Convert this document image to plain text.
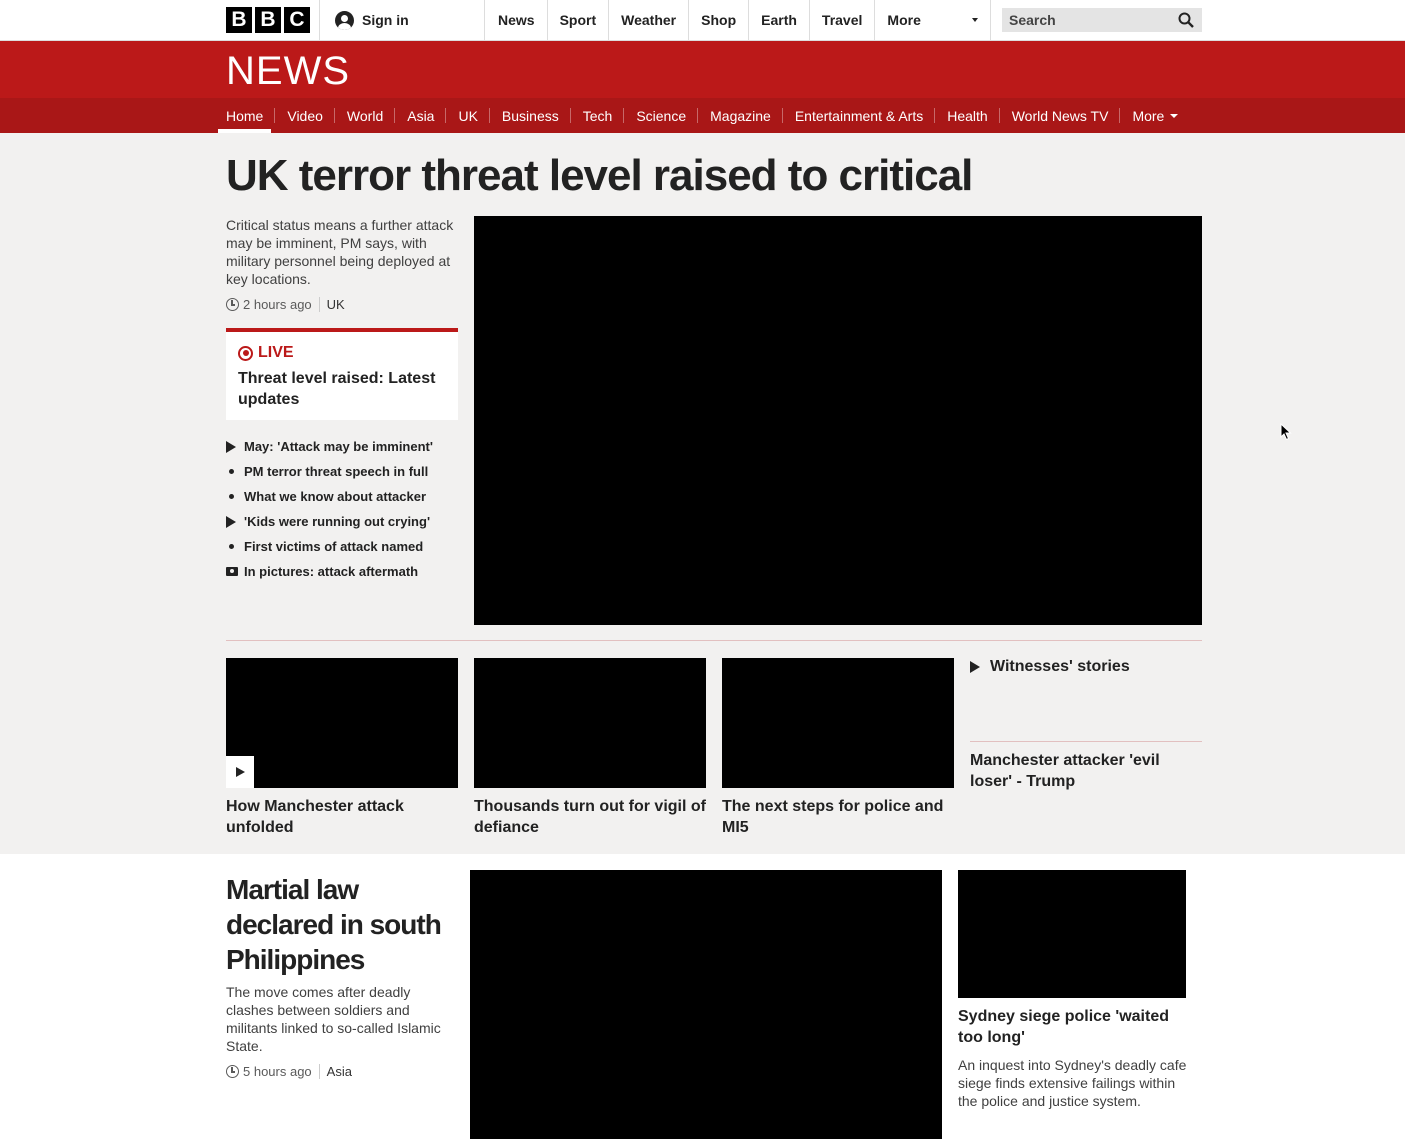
B B C	Sign in	News	Sport	Weather	Shop	Earth	Travel	More	Search
NEWS
Home	Video	World	Asia	UK	Business	Tech	Science	Magazine	Entertainment & Arts	Health	World News TV	More
UK terror threat level raised to critical

Critical status means a further attack may be imminent, PM says, with military personnel being deployed at key locations.

2 hours ago	UK
LIVE
Threat level raised: Latest updates
May: 'Attack may be imminent'
PM terror threat speech in full
What we know about attacker
'Kids were running out crying'
First victims of attack named
In pictures: attack aftermath
How Manchester attack unfolded
Thousands turn out for vigil of defiance
The next steps for police and MI5
Witnesses' stories
Manchester attacker 'evil loser' - Trump
Martial law declared in south Philippines

The move comes after deadly clashes between soldiers and militants linked to so-called Islamic State.

5 hours ago	Asia
Sydney siege police 'waited too long'

An inquest into Sydney's deadly cafe siege finds extensive failings within the police and justice system.
